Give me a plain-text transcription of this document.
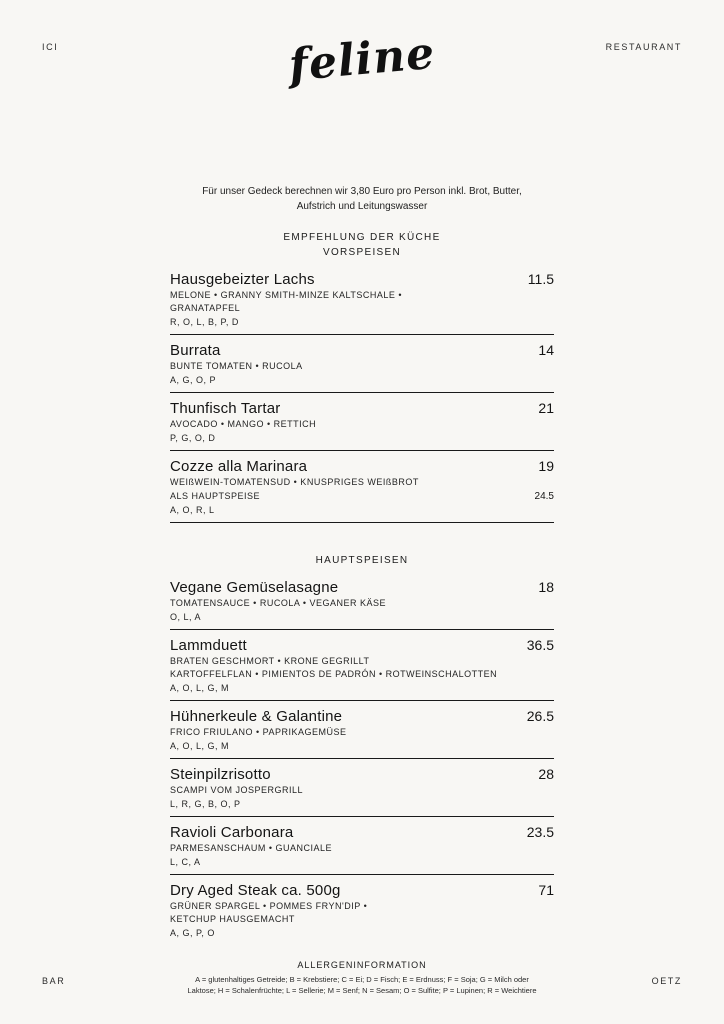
ICI	RESTAURANT
BAR	OETZ
feline
Für unser Gedeck berechnen wir 3,80 Euro pro Person inkl. Brot, Butter,
Aufstrich und Leitungswasser
EMPFEHLUNG DER KÜCHE
VORSPEISEN
Hausgebeizter Lachs	11.5
MELONE • GRANNY SMITH-MINZE KALTSCHALE •
GRANATAPFEL
R, O, L, B, P, D
Burrata	14
BUNTE TOMATEN • RUCOLA
A, G, O, P
Thunfisch Tartar	21
AVOCADO • MANGO • RETTICH
P, G, O, D
Cozze alla Marinara	19
WEIßWEIN-TOMATENSUD • KNUSPRIGES WEIßBROT
ALS HAUPTSPEISE	24.5
A, O, R, L
HAUPTSPEISEN
Vegane Gemüselasagne	18
TOMATENSAUCE • RUCOLA • VEGANER KÄSE
O, L, A
Lammduett	36.5
BRATEN GESCHMORT • KRONE GEGRILLT
KARTOFFELFLAN • PIMIENTOS DE PADRÓN • ROTWEINSCHALOTTEN
A, O, L, G, M
Hühnerkeule & Galantine	26.5
FRICO FRIULANO • PAPRIKAGEMÜSE
A, O, L, G, M
Steinpilzrisotto	28
SCAMPI VOM JOSPERGRILL
L, R, G, B, O, P
Ravioli Carbonara	23.5
PARMESANSCHAUM • GUANCIALE
L, C, A
Dry Aged Steak ca. 500g	71
GRÜNER SPARGEL • POMMES FRYN'DIP •
KETCHUP HAUSGEMACHT
A, G, P, O
ALLERGENINFORMATION
A = glutenhaltiges Getreide; B = Krebstiere; C = Ei; D = Fisch; E = Erdnuss; F = Soja; G = Milch oder
Laktose; H = Schalenfrüchte; L = Sellerie; M = Senf; N = Sesam; O = Sulfite; P = Lupinen; R = Weichtiere
